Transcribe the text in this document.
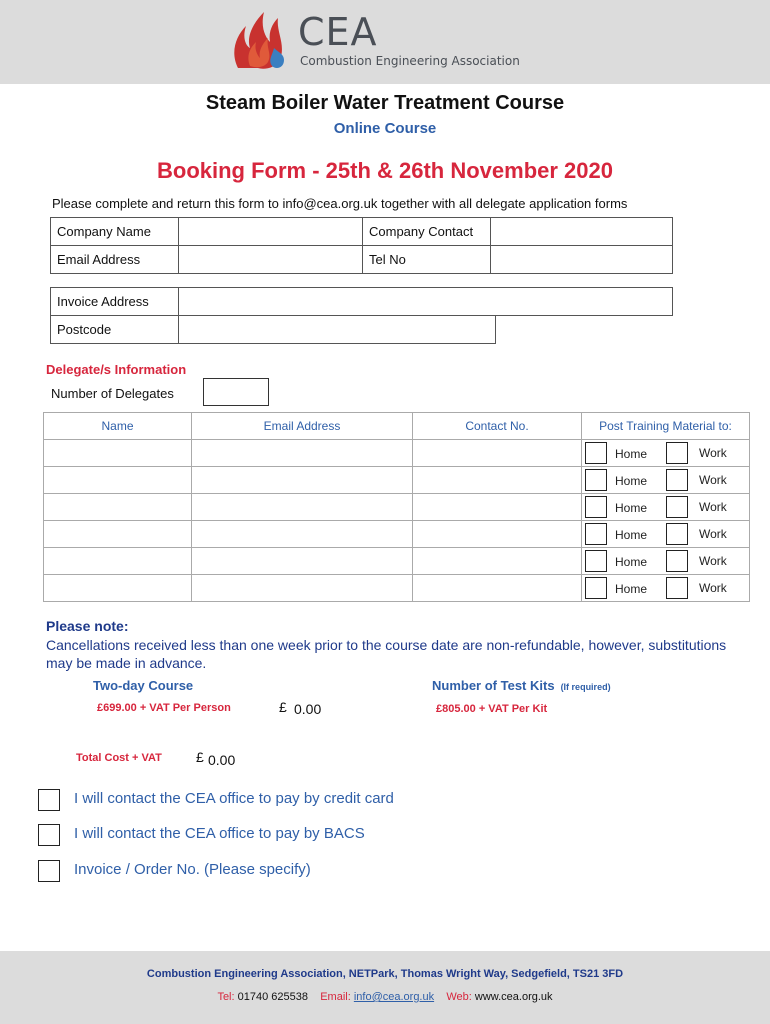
CEA
Combustion Engineering Association
Steam Boiler Water Treatment Course
Online Course
Booking Form - 25th & 26th November 2020
Please complete and return this form to info@cea.org.uk together with all delegate application forms
Company Name		Company Contact	
Email Address		Tel No	
Invoice Address		
Postcode		
Delegate/s Information
Number of Delegates
Name	Email Address	Contact No.	Post Training Material to:

			Home Work

			Home Work

			Home Work

			Home Work

			Home Work

			Home Work
Please note:
Cancellations received less than one week prior to the course date are non-refundable, however, substitutions may be made in advance.
Two-day Course	Number of Test Kits (If required)
£699.00 + VAT Per Person	£ 0.00	£805.00 + VAT Per Kit
Total Cost + VAT £ 0.00
I will contact the CEA office to pay by credit card
I will contact the CEA office to pay by BACS
Invoice / Order No. (Please specify)
Combustion Engineering Association, NETPark, Thomas Wright Way, Sedgefield, TS21 3FD
Tel: 01740 625538 Email: info@cea.org.uk Web: www.cea.org.uk
